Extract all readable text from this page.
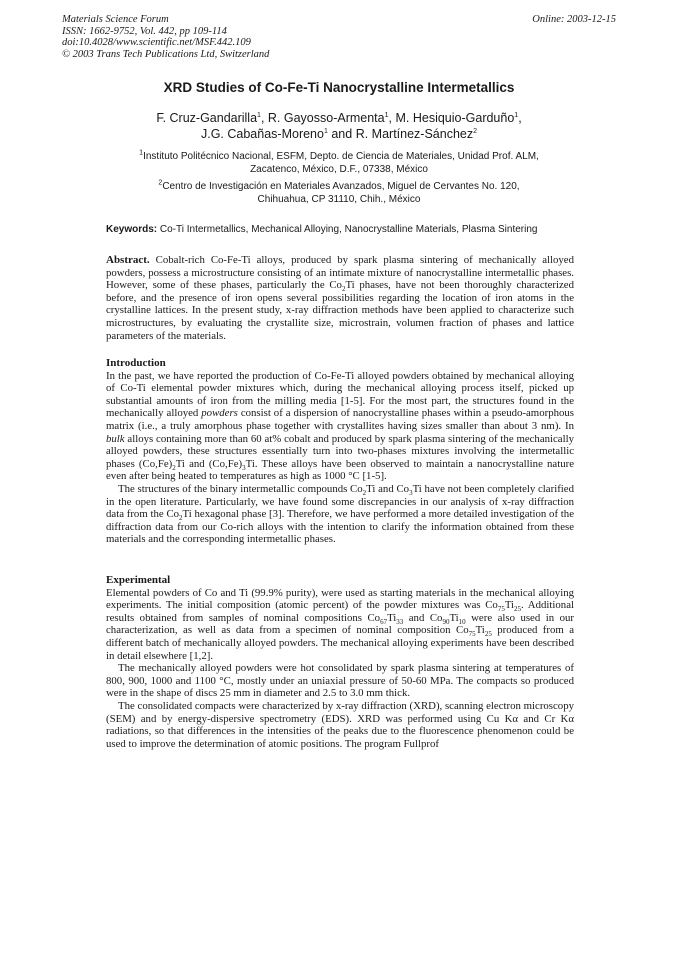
Materials Science Forum
ISSN: 1662-9752, Vol. 442, pp 109-114
doi:10.4028/www.scientific.net/MSF.442.109
© 2003 Trans Tech Publications Ltd, Switzerland
Online: 2003-12-15
XRD Studies of Co-Fe-Ti Nanocrystalline Intermetallics
F. Cruz-Gandarilla$^1$, R. Gayosso-Armenta$^1$, M. Hesiquio-Garduño$^1$,
J.G. Cabañas-Moreno$^1$ and R. Martínez-Sánchez$^2$
$^1$Instituto Politécnico Nacional, ESFM, Depto. de Ciencia de Materiales, Unidad Prof. ALM,
Zacatenco, México, D.F., 07338, México
$^2$Centro de Investigación en Materiales Avanzados, Miguel de Cervantes No. 120,
Chihuahua, CP 31110, Chih., México
Keywords: Co-Ti Intermetallics, Mechanical Alloying, Nanocrystalline Materials, Plasma Sintering

Abstract. Cobalt-rich Co-Fe-Ti alloys, produced by spark plasma sintering of mechanically alloyed powders, possess a microstructure consisting of an intimate mixture of nanocrystalline intermetallic phases. However, some of these phases, particularly the $Co_2Ti$ phases, have not been thoroughly characterized before, and the presence of iron opens several possibilities regarding the location of iron atoms in the crystalline lattices. In the present study, x-ray diffraction methods have been applied to characterize such microstructures, by evaluating the crystallite size, microstrain, volumen fraction of phases and lattice parameters of the materials.

Introduction

In the past, we have reported the production of Co-Fe-Ti alloyed powders obtained by mechanical alloying of Co-Ti elemental powder mixtures which, during the mechanical alloying process itself, picked up substantial amounts of iron from the milling media [1-5]. For the most part, the structures found in the mechanically alloyed powders consist of a dispersion of nanocrystalline phases within a pseudo-amorphous matrix (i.e., a truly amorphous phase together with crystallites having sizes smaller than about 3 nm). In bulk alloys containing more than 60 at% cobalt and produced by spark plasma sintering of the mechanically alloyed powders, these structures essentially turn into two-phases mixtures involving the intermetallic phases $(Co,Fe)_2Ti$ and $(Co,Fe)_3Ti$. These alloys have been observed to maintain a nanocrystalline nature even after being heated to temperatures as high as 1000 °C [1-5].

The structures of the binary intermetallic compounds $Co_2Ti$ and $Co_3Ti$ have not been completely clarified in the open literature. Particularly, we have found some discrepancies in our analysis of x-ray diffraction data from the $Co_2Ti$ hexagonal phase [3]. Therefore, we have performed a more detailed investigation of the diffraction data from our Co-rich alloys with the intention to clarify the information obtained from these materials and the corresponding intermetallic phases.

Experimental

Elemental powders of Co and Ti (99.9% purity), were used as starting materials in the mechanical alloying experiments. The initial composition (atomic percent) of the powder mixtures was $Co_{75}Ti_{25}$. Additional results obtained from samples of nominal compositions $Co_{67}Ti_{33}$ and $Co_{90}Ti_{10}$ were also used in our characterization, as well as data from a specimen of nominal composition $Co_{75}Ti_{25}$ produced from a different batch of mechanically alloyed powders. The mechanical alloying experiments have been described in detail elsewhere [1,2].

The mechanically alloyed powders were hot consolidated by spark plasma sintering at temperatures of 800, 900, 1000 and 1100 °C, mostly under an uniaxial pressure of 50-60 MPa. The compacts so produced were in the shape of discs 25 mm in diameter and 2.5 to 3.0 mm thick.

The consolidated compacts were characterized by x-ray diffraction (XRD), scanning electron microscopy (SEM) and by energy-dispersive spectrometry (EDS). XRD was performed using Cu Kα and Cr Kα radiations, so that differences in the intensities of the peaks due to the fluorescence phenomenon could be used to improve the determination of atomic positions. The program Fullprof
